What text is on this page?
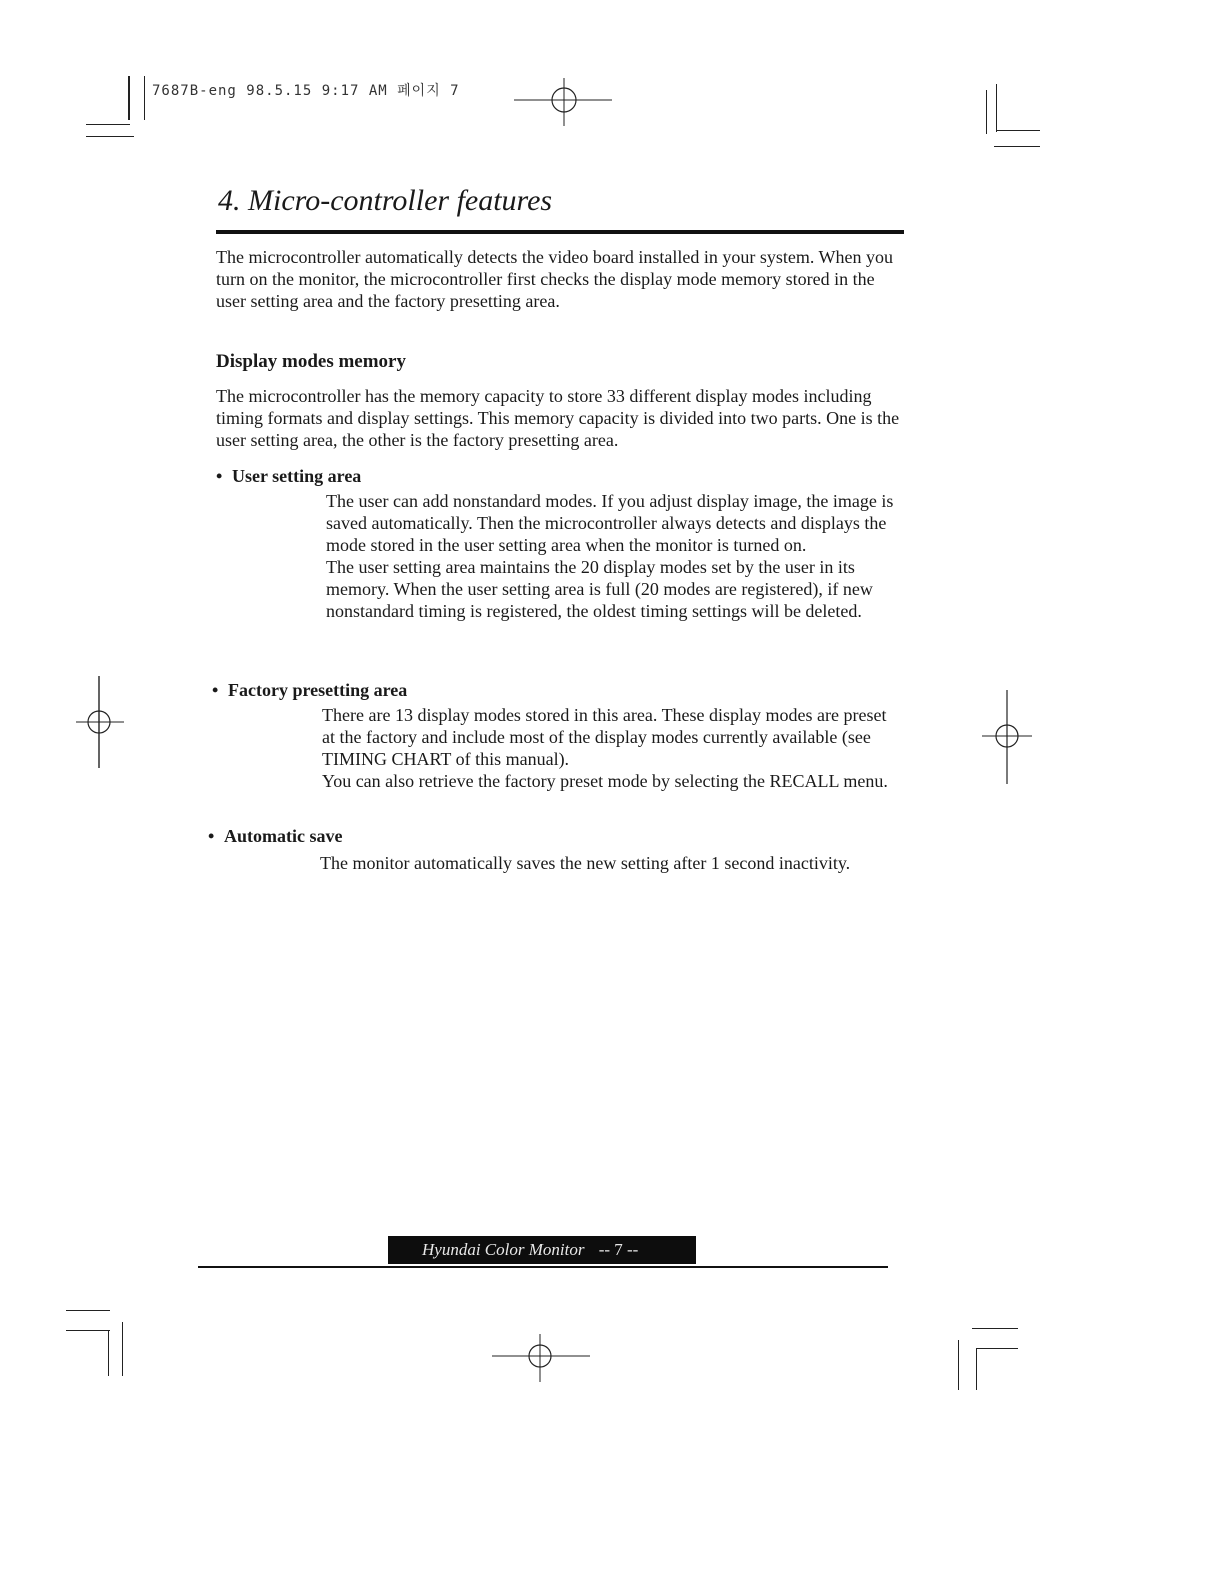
7687B-eng 98.5.15 9:17 AM 페이지 7
4. Micro-controller features
The microcontroller automatically detects the video board installed in your system. When you turn on the monitor, the microcontroller first checks the display mode memory stored in the user setting area and the factory presetting area.
Display modes memory
The microcontroller has the memory capacity to store 33 different display modes including timing formats and display settings. This memory capacity is divided into two parts. One is the user setting area, the other is the factory presetting area.
• User setting area
The user can add nonstandard modes. If you adjust display image, the image is saved automatically. Then the microcontroller always detects and displays the mode stored in the user setting area when the monitor is turned on.
The user setting area maintains the 20 display modes set by the user in its memory. When the user setting area is full (20 modes are registered), if new nonstandard timing is registered, the oldest timing settings will be deleted.
• Factory presetting area
There are 13 display modes stored in this area. These display modes are preset at the factory and include most of the display modes currently available (see TIMING CHART of this manual).
You can also retrieve the factory preset mode by selecting the RECALL menu.
• Automatic save
The monitor automatically saves the new setting after 1 second inactivity.
Hyundai Color Monitor -- 7 --
